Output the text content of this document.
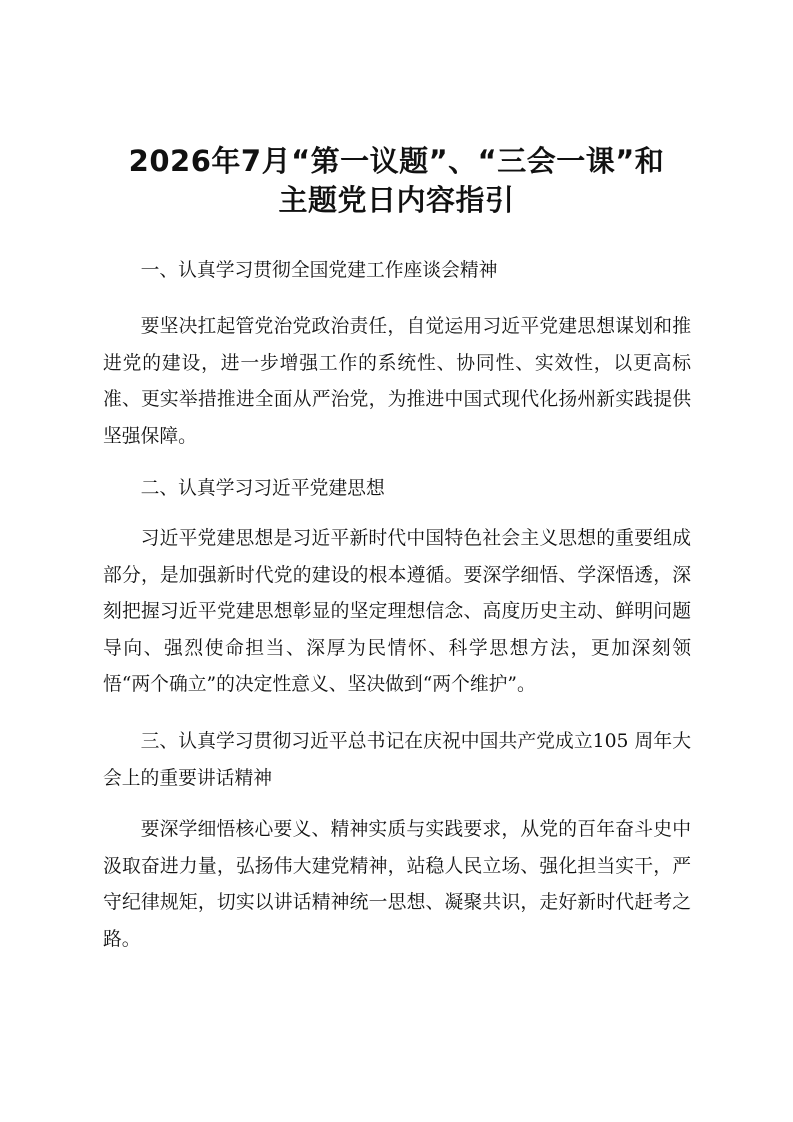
2026年7月“第一议题”、“三会一课”和
主题党日内容指引

一、认真学习贯彻全国党建工作座谈会精神

要坚决扛起管党治党政治责任，自觉运用习近平党建思想谋划和推进党的建设，进一步增强工作的系统性、协同性、实效性，以更高标准、更实举措推进全面从严治党，为推进中国式现代化扬州新实践提供坚强保障。

二、认真学习习近平党建思想

习近平党建思想是习近平新时代中国特色社会主义思想的重要组成部分，是加强新时代党的建设的根本遵循。要深学细悟、学深悟透，深刻把握习近平党建思想彰显的坚定理想信念、高度历史主动、鲜明问题导向、强烈使命担当、深厚为民情怀、科学思想方法，更加深刻领悟“两个确立”的决定性意义、坚决做到“两个维护”。

三、认真学习贯彻习近平总书记在庆祝中国共产党成立105 周年大会上的重要讲话精神

要深学细悟核心要义、精神实质与实践要求，从党的百年奋斗史中汲取奋进力量，弘扬伟大建党精神，站稳人民立场、强化担当实干，严守纪律规矩，切实以讲话精神统一思想、凝聚共识，走好新时代赶考之路。
